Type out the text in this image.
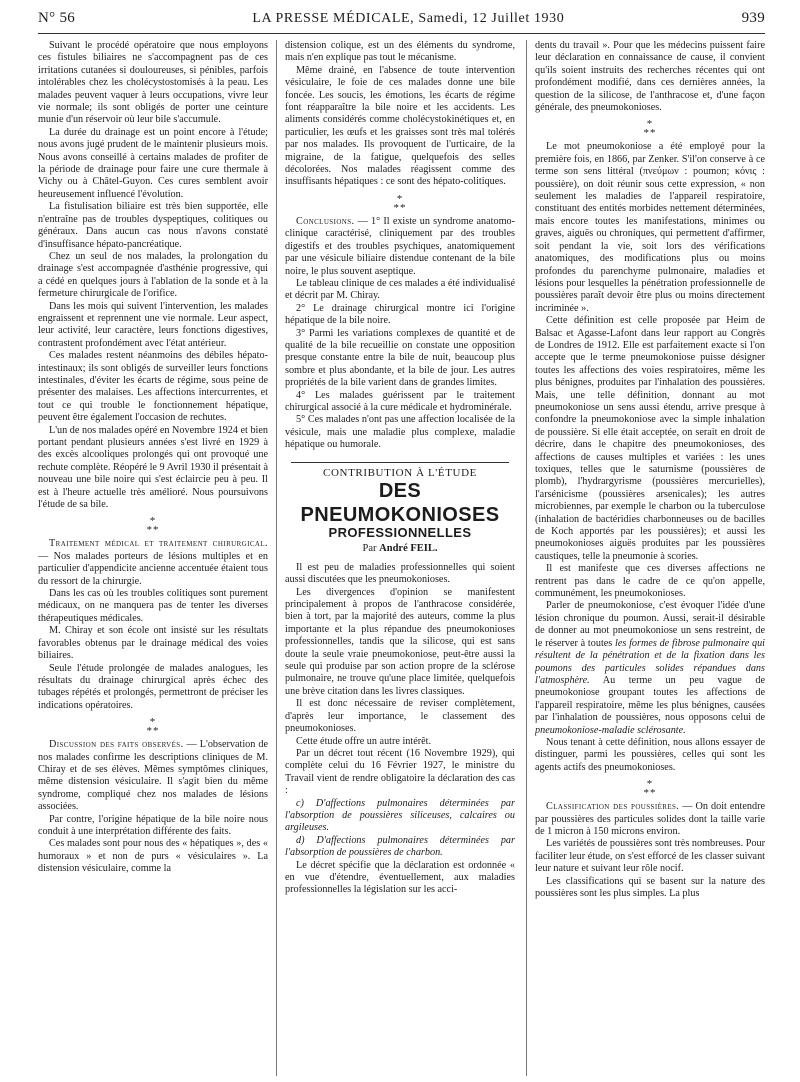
N° 56	LA PRESSE MÉDICALE, Samedi, 12 Juillet 1930	939

Suivant le procédé opératoire que nous employons ces fistules biliaires ne s'accompagnent pas de ces irritations cutanées si douloureuses, si pénibles, parfois intolérables chez les cholécystostomisés à la peau. Les malades peuvent vaquer à leurs occupations, vivre leur vie normale; ils sont obligés de porter une ceinture munie d'un réservoir où leur bile s'accumule.

La durée du drainage est un point encore à l'étude; nous avons jugé prudent de le maintenir plusieurs mois. Nous avons conseillé à certains malades de profiter de la période de drainage pour faire une cure thermale à Vichy ou à Châtel-Guyon. Ces cures semblent avoir heureusement influencé l'évolution.

La fistulisation biliaire est très bien supportée, elle n'entraîne pas de troubles dyspeptiques, colitiques ou généraux. Dans aucun cas nous n'avons constaté d'insuffisance hépato-pancréatique.

Chez un seul de nos malades, la prolongation du drainage s'est accompagnée d'asthénie progressive, qui a cédé en quelques jours à l'ablation de la sonde et à la fermeture chirurgicale de l'orifice.

Dans les mois qui suivent l'intervention, les malades engraissent et reprennent une vie normale. Leur aspect, leur activité, leur caractère, leurs fonctions digestives, contrastent profondément avec l'état antérieur.

Ces malades restent néanmoins des débiles hépato-intestinaux; ils sont obligés de surveiller leurs fonctions intestinales, d'éviter les écarts de régime, sous peine de présenter des malaises. Les affections intercurrentes, et tout ce qui trouble le fonctionnement hépatique, peuvent être également l'occasion de rechutes.

L'un de nos malades opéré en Novembre 1924 et bien portant pendant plusieurs années s'est livré en 1929 à des excès alcooliques prolongés qui ont provoqué une rechute complète. Réopéré le 9 Avril 1930 il présentait à nouveau une bile noire qui s'est éclaircie peu à peu. Il est à l'heure actuelle très amélioré. Nous poursuivons l'étude de sa bile.

*
**

Traitement médical et traitement chirurgical. — Nos malades porteurs de lésions multiples et en particulier d'appendicite ancienne accentuée étaient tous du ressort de la chirurgie.

Dans les cas où les troubles colitiques sont purement médicaux, on ne manquera pas de tenter les diverses thérapeutiques médicales.

M. Chiray et son école ont insisté sur les résultats favorables obtenus par le drainage médical des voies biliaires.

Seule l'étude prolongée de malades analogues, les résultats du drainage chirurgical après échec des tubages répétés et prolongés, permettront de préciser les indications opératoires.

*
**

Discussion des faits observés. — L'observation de nos malades confirme les descriptions cliniques de M. Chiray et de ses élèves. Mêmes symptômes cliniques, même distension vésiculaire. Il s'agit bien du même syndrome, compliqué chez nos malades de lésions associées.

Par contre, l'origine hépatique de la bile noire nous conduit à une interprétation différente des faits.

Ces malades sont pour nous des « hépatiques », des « humoraux » et non de purs « vésiculaires ». La distension vésiculaire, comme la

distension colique, est un des éléments du syndrome, mais n'en explique pas tout le mécanisme.

Même drainé, en l'absence de toute intervention vésiculaire, le foie de ces malades donne une bile foncée. Les soucis, les émotions, les écarts de régime font réapparaître la bile noire et les accidents. Les aliments considérés comme cholécystokinétiques et, en particulier, les œufs et les graisses sont très mal tolérés par nos malades. Ils provoquent de l'urticaire, de la migraine, de la fatigue, quelquefois des selles décolorées. Nos malades réagissent comme des insuffisants hépatiques : ce sont des hépato-colitiques.

*
**

Conclusions. — 1° Il existe un syndrome anatomo-clinique caractérisé, cliniquement par des troubles digestifs et des troubles psychiques, anatomiquement par une vésicule biliaire distendue contenant de la bile noire, le plus souvent aseptique.

Le tableau clinique de ces malades a été individualisé et décrit par M. Chiray.

2° Le drainage chirurgical montre ici l'origine hépatique de la bile noire.

3° Parmi les variations complexes de quantité et de qualité de la bile recueillie on constate une opposition presque constante entre la bile de nuit, beaucoup plus sombre et plus abondante, et la bile de jour. Les autres propriétés de la bile varient dans de grandes limites.

4° Les malades guérissent par le traitement chirurgical associé à la cure médicale et hydrominérale.

5° Ces malades n'ont pas une affection localisée de la vésicule, mais une maladie plus complexe, maladie hépatique ou humorale.

CONTRIBUTION À L'ÉTUDE
DES PNEUMOKONIOSES
PROFESSIONNELLES
Par André FEIL.

Il est peu de maladies professionnelles qui soient aussi discutées que les pneumokonioses.

Les divergences d'opinion se manifestent principalement à propos de l'anthracose considérée, bien à tort, par la majorité des auteurs, comme la plus importante et la plus répandue des pneumokonioses professionnelles, tandis que la silicose, qui est sans doute la seule vraie pneumokoniose, peut-être aussi la seule qui produise par son action propre de la sclérose pulmonaire, ne trouve qu'une place limitée, quelquefois une brève citation dans les livres classiques.

Il est donc nécessaire de reviser complètement, d'après leur importance, le classement des pneumokonioses.

Cette étude offre un autre intérêt.

Par un décret tout récent (16 Novembre 1929), qui complète celui du 16 Février 1927, le ministre du Travail vient de rendre obligatoire la déclaration des cas :

c) D'affections pulmonaires déterminées par l'absorption de poussières siliceuses, calcaires ou argileuses.

d) D'affections pulmonaires déterminées par l'absorption de poussières de charbon.

Le décret spécifie que la déclaration est ordonnée « en vue d'étendre, éventuellement, aux maladies professionnelles la législation sur les acci-

dents du travail ». Pour que les médecins puissent faire leur déclaration en connaissance de cause, il convient qu'ils soient instruits des recherches récentes qui ont profondément modifié, dans ces dernières années, la question de la silicose, de l'anthracose et, d'une façon générale, des pneumokonioses.

*
**

Le mot pneumokoniose a été employé pour la première fois, en 1866, par Zenker. S'il'on conserve à ce terme son sens littéral (πνεύμων : poumon; κόνις : poussière), on doit réunir sous cette expression, « non seulement les maladies de l'appareil respiratoire, constituant des entités morbides nettement déterminées, mais encore toutes les manifestations, minimes ou graves, aiguës ou chroniques, qui permettent d'affirmer, soit pendant la vie, soit lors des vérifications anatomiques, des modifications plus ou moins profondes du parenchyme pulmonaire, maladies et lésions pour lesquelles la pénétration professionnelle de poussières paraît devoir être plus ou moins directement incriminée ».

Cette définition est celle proposée par Heim de Balsac et Agasse-Lafont dans leur rapport au Congrès de Londres de 1912. Elle est parfaitement exacte si l'on accepte que le terme pneumokoniose puisse désigner toutes les affections des voies respiratoires, même les plus bénignes, produites par l'inhalation des poussières. Mais, une telle définition, donnant au mot pneumokoniose un sens aussi étendu, arrive presque à confondre la pneumokoniose avec la simple inhalation de poussière. Si elle était acceptée, on serait en droit de décrire, dans le chapitre des pneumokonioses, des affections de causes multiples et variées : les unes toxiques, telles que le saturnisme (poussières de plomb), l'hydrargyrisme (poussières mercurielles), l'arsénicisme (poussières arsenicales); les autres microbiennes, par exemple le charbon ou la tuberculose (inhalation de bactéridies charbonneuses ou de bacilles de Koch apportés par les poussières); et aussi les pneumokonioses aiguës produites par les poussières caustiques, telle la pneumonie à scories.

Il est manifeste que ces diverses affections ne rentrent pas dans le cadre de ce qu'on appelle, communément, les pneumokonioses.

Parler de pneumokoniose, c'est évoquer l'idée d'une lésion chronique du poumon. Aussi, serait-il désirable de donner au mot pneumokoniose un sens restreint, de le réserver à toutes les formes de fibrose pulmonaire qui résultent de la pénétration et de la fixation dans les poumons des particules solides répandues dans l'atmosphère. Au terme un peu vague de pneumokoniose groupant toutes les affections de l'appareil respiratoire, même les plus bénignes, causées par l'inhalation de poussières, nous opposons celui de pneumokoniose-maladie sclérosante.

Nous tenant à cette définition, nous allons essayer de distinguer, parmi les poussières, celles qui sont les agents actifs des pneumokonioses.

*
**

Classification des poussières. — On doit entendre par poussières des particules solides dont la taille varie de 1 micron à 150 microns environ.

Les variétés de poussières sont très nombreuses. Pour faciliter leur étude, on s'est efforcé de les classer suivant leur nature et suivant leur rôle nocif.

Les classifications qui se basent sur la nature des poussières sont les plus simples. La plus
